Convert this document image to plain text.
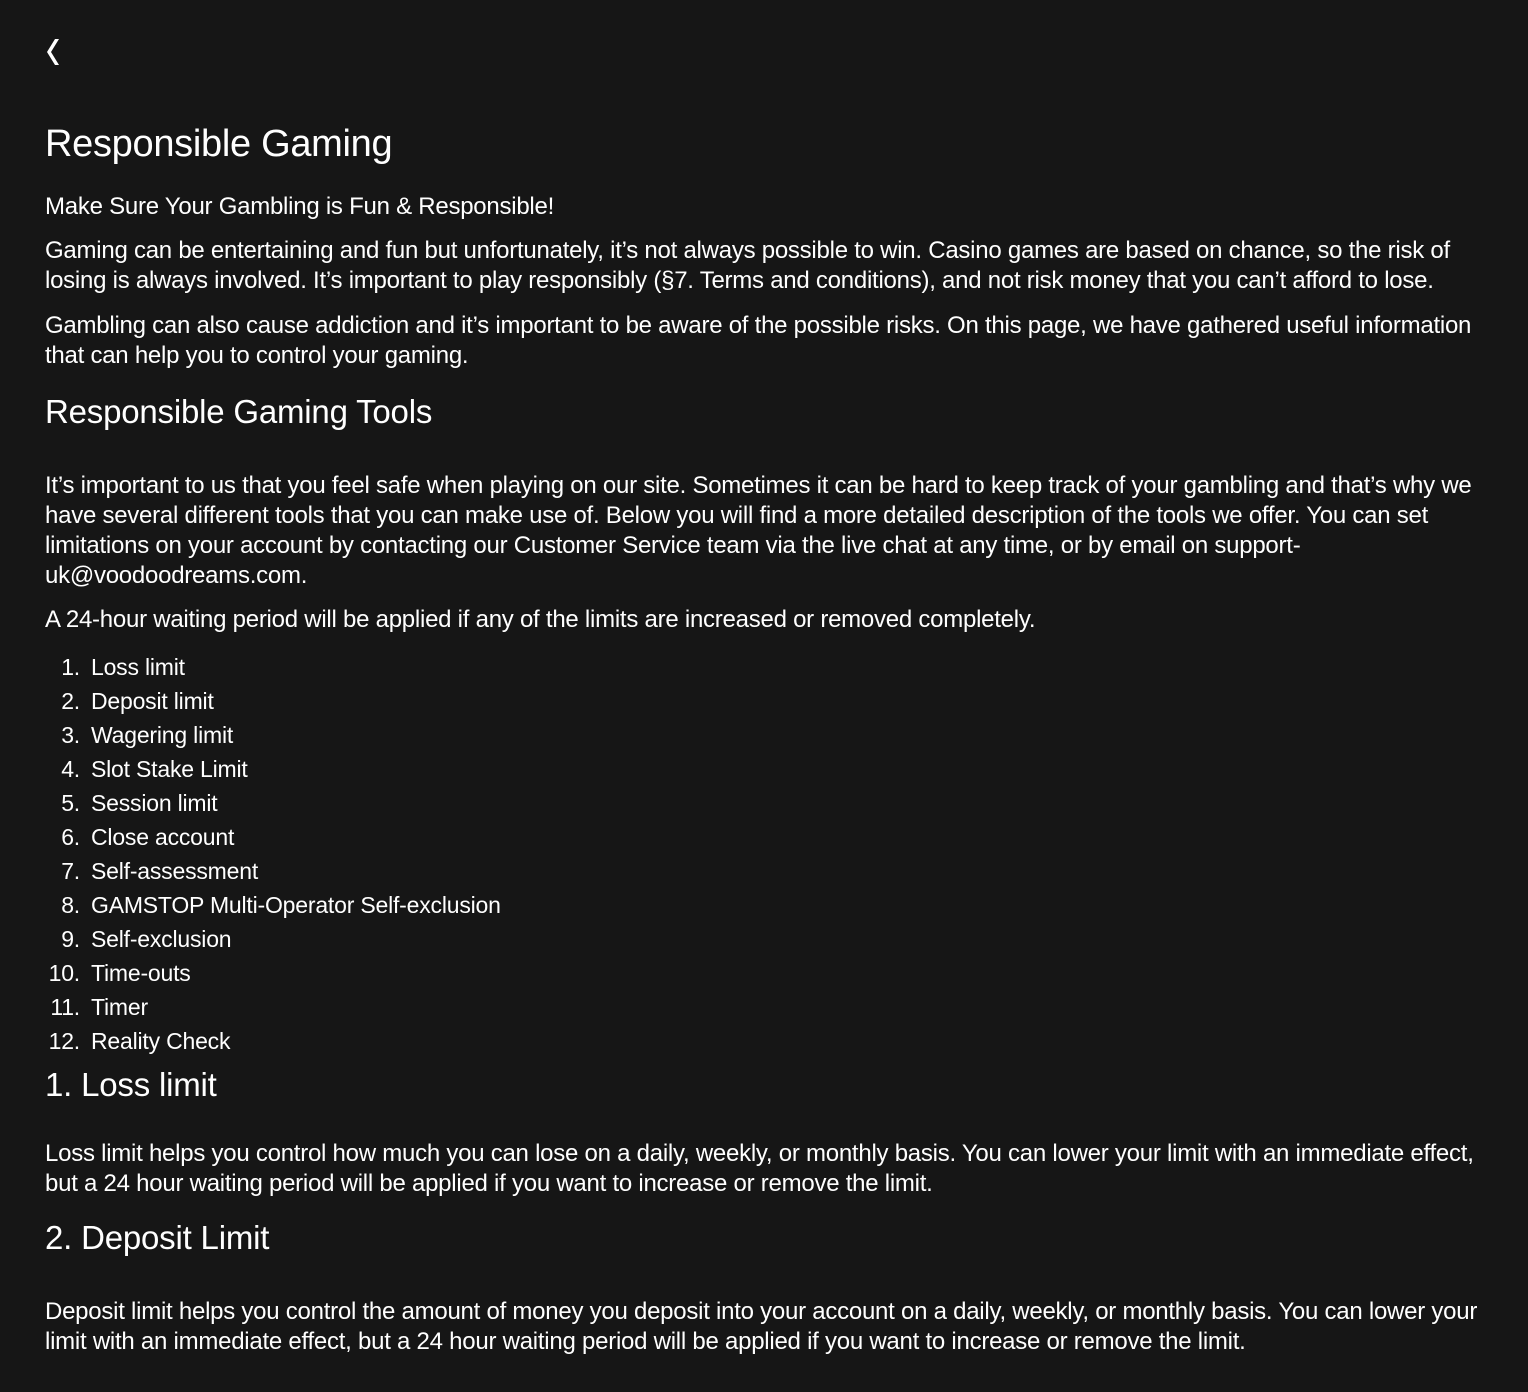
Responsible Gaming

Make Sure Your Gambling is Fun & Responsible!

Gaming can be entertaining and fun but unfortunately, it’s not always possible to win. Casino games are based on chance, so the risk of losing is always involved. It’s important to play responsibly (§7. Terms and conditions), and not risk money that you can’t afford to lose.

Gambling can also cause addiction and it’s important to be aware of the possible risks. On this page, we have gathered useful information that can help you to control your gaming.

Responsible Gaming Tools

It’s important to us that you feel safe when playing on our site. Sometimes it can be hard to keep track of your gambling and that’s why we have several different tools that you can make use of. Below you will find a more detailed description of the tools we offer. You can set limitations on your account by contacting our Customer Service team via the live chat at any time, or by email on support-uk@voodoodreams.com.

A 24-hour waiting period will be applied if any of the limits are increased or removed completely.

1. Loss limit
2. Deposit limit
3. Wagering limit
4. Slot Stake Limit
5. Session limit
6. Close account
7. Self-assessment
8. GAMSTOP Multi-Operator Self-exclusion
9. Self-exclusion
10. Time-outs
11. Timer
12. Reality Check
1. Loss limit

Loss limit helps you control how much you can lose on a daily, weekly, or monthly basis. You can lower your limit with an immediate effect, but a 24 hour waiting period will be applied if you want to increase or remove the limit.

2. Deposit Limit

Deposit limit helps you control the amount of money you deposit into your account on a daily, weekly, or monthly basis. You can lower your limit with an immediate effect, but a 24 hour waiting period will be applied if you want to increase or remove the limit.
